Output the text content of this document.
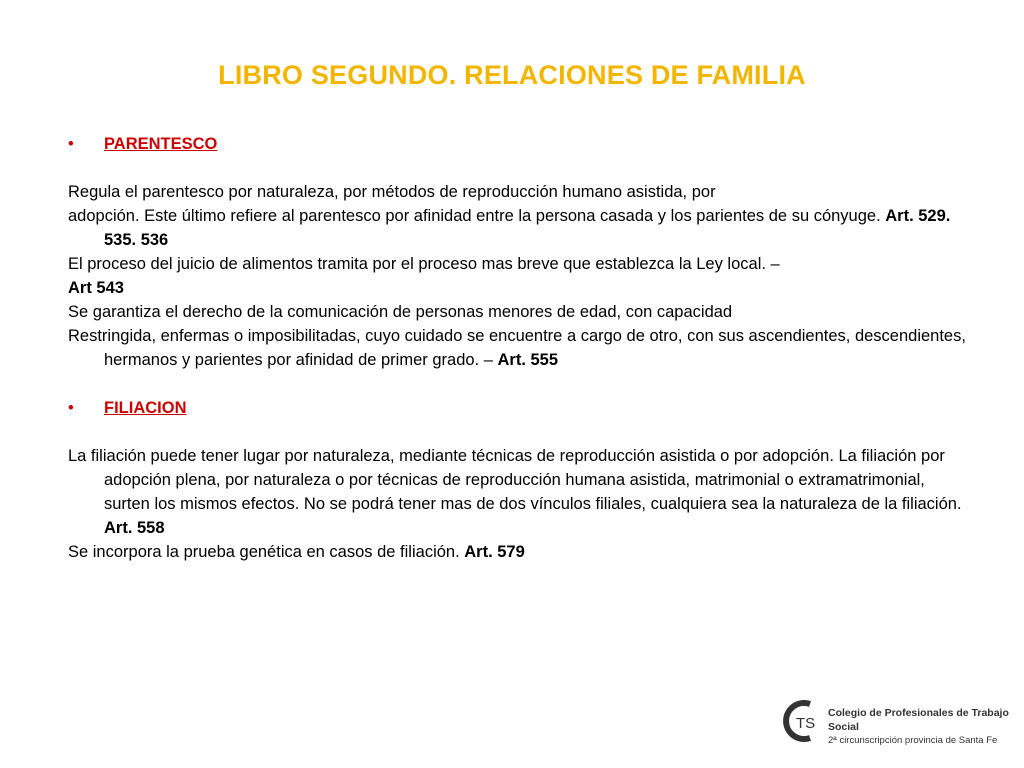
LIBRO SEGUNDO. RELACIONES DE FAMILIA
• PARENTESCO
Regula el parentesco por naturaleza, por métodos de reproducción humano asistida, por
adopción. Este último refiere al parentesco por afinidad entre la persona casada y los parientes de su cónyuge. Art. 529. 535. 536
El proceso del juicio de alimentos tramita por el proceso mas breve que establezca la Ley local. –
Art 543
Se garantiza el derecho de la comunicación de personas menores de edad, con capacidad
Restringida, enfermas o imposibilitadas, cuyo cuidado se encuentre a cargo de otro, con sus ascendientes, descendientes, hermanos y parientes por afinidad de primer grado. – Art. 555
• FILIACION
La filiación puede tener lugar por naturaleza, mediante técnicas de reproducción asistida o por adopción. La filiación por adopción plena, por naturaleza o por técnicas de reproducción humana asistida, matrimonial o extramatrimonial, surten los mismos efectos. No se podrá tener mas de dos vínculos filiales, cualquiera sea la naturaleza de la filiación. Art. 558
Se incorpora la prueba genética en casos de filiación. Art. 579
TS
Colegio de Profesionales de Trabajo Social
2ª circunscripción provincia de Santa Fe
